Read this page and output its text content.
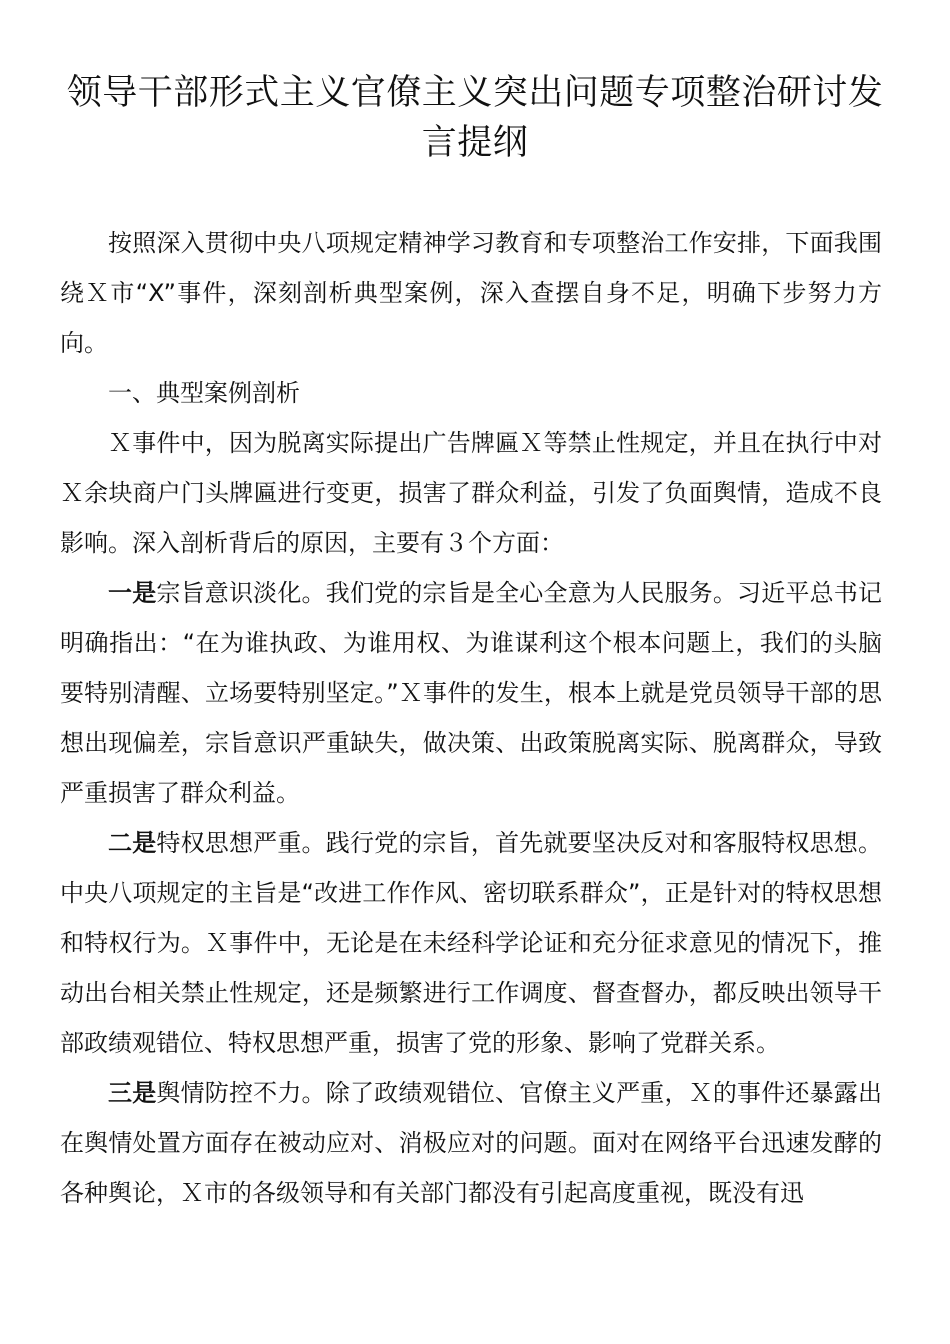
领导干部形式主义官僚主义突出问题专项整治研讨发言提纲

按照深入贯彻中央八项规定精神学习教育和专项整治工作安排，下面我围绕Ｘ市“X”事件，深刻剖析典型案例，深入查摆自身不足，明确下步努力方向。

一、典型案例剖析

Ｘ事件中，因为脱离实际提出广告牌匾Ｘ等禁止性规定，并且在执行中对Ｘ余块商户门头牌匾进行变更，损害了群众利益，引发了负面舆情，造成不良影响。深入剖析背后的原因，主要有３个方面：

一是宗旨意识淡化。我们党的宗旨是全心全意为人民服务。习近平总书记明确指出：“在为谁执政、为谁用权、为谁谋利这个根本问题上，我们的头脑要特别清醒、立场要特别坚定。”Ｘ事件的发生，根本上就是党员领导干部的思想出现偏差，宗旨意识严重缺失，做决策、出政策脱离实际、脱离群众，导致严重损害了群众利益。

二是特权思想严重。践行党的宗旨，首先就要坚决反对和客服特权思想。中央八项规定的主旨是“改进工作作风、密切联系群众”，正是针对的特权思想和特权行为。Ｘ事件中，无论是在未经科学论证和充分征求意见的情况下，推动出台相关禁止性规定，还是频繁进行工作调度、督查督办，都反映出领导干部政绩观错位、特权思想严重，损害了党的形象、影响了党群关系。

三是舆情防控不力。除了政绩观错位、官僚主义严重，Ｘ的事件还暴露出在舆情处置方面存在被动应对、消极应对的问题。面对在网络平台迅速发酵的各种舆论，Ｘ市的各级领导和有关部门都没有引起高度重视，既没有迅
